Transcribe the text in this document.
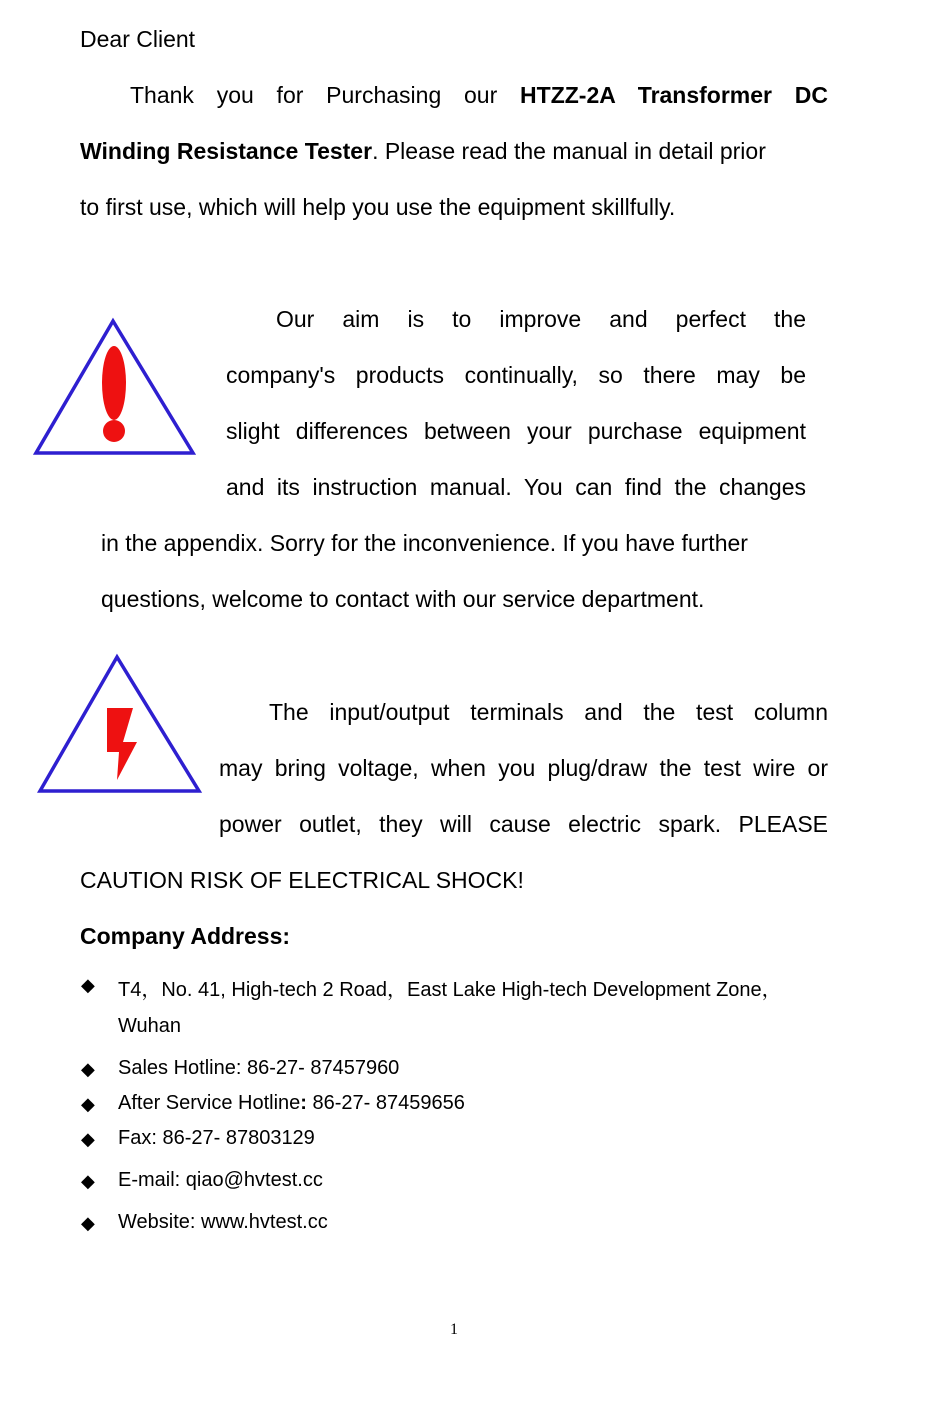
Dear Client
Thank you for Purchasing our HTZZ-2A Transformer DC
Winding Resistance Tester. Please read the manual in detail prior
to first use, which will help you use the equipment skillfully.
Our aim is to improve and perfect the
company's products continually, so there may be
slight differences between your purchase equipment
and its instruction manual. You can find the changes
in the appendix. Sorry for the inconvenience. If you have further
questions, welcome to contact with our service department.
The input/output terminals and the test column
may bring voltage, when you plug/draw the test wire or
power outlet, they will cause electric spark. PLEASE
CAUTION RISK OF ELECTRICAL SHOCK!
Company Address:
◆ T4，No. 41, High-tech 2 Road，East Lake High-tech Development Zone，
Wuhan
◆ Sales Hotline: 86-27- 87457960
◆ After Service Hotline: 86-27- 87459656
◆ Fax: 86-27- 87803129
◆ E-mail: qiao@hvtest.cc
◆ Website: www.hvtest.cc
1
